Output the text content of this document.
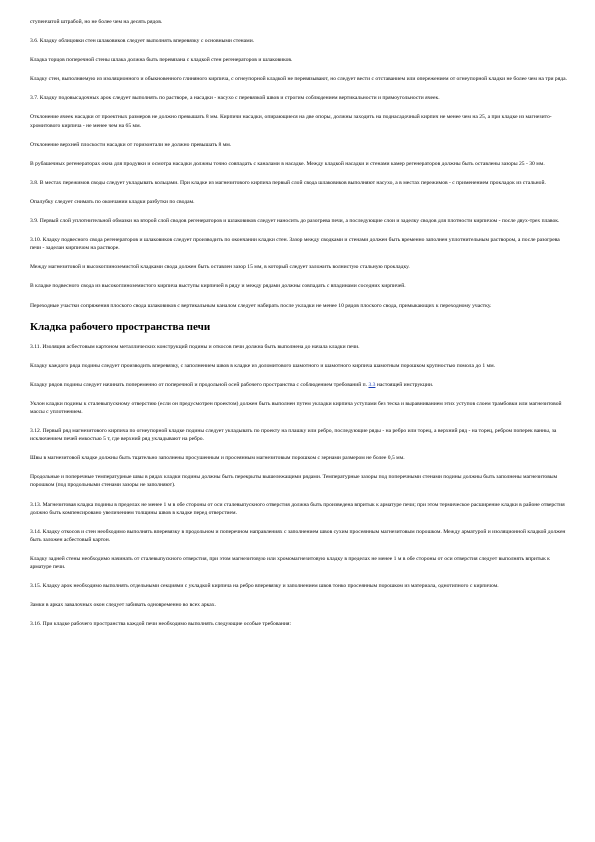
ступенчатой штрабой, но не более чем на десять рядов.

3.6. Кладку облицовки стен шлаковиков следует выполнять вперевязку с основными стенами.

Кладка торцов поперечной стены шлака должна быть перевязана с кладкой стен регенераторов и шлаковиков.

Кладку стен, выполняемую из изоляционного и обыкновенного глиняного кирпича, с огнеупорной кладкой не перевязывают, но следует вести с отставанием или опережением от огнеупорной кладки не более чем на три ряда.

3.7. Кладку подовысадочных арок следует выполнять по растворе, а насадки - насухо с перевязкой швов и строгим соблюдением вертикальности и прямоугольности ячеек.

Отклонение ячеек насадки от проектных размеров не должно превышать 8 мм. Кирпичи насадки, опирающиеся на две опоры, должны заходить на поднасадочный кирпич не менее чем на 25, а при кладке из магнезито-хромитового кирпича - не менее чем на 65 мм.

Отклонение верхней плоскости насадки от горизонтали не должно превышать 8 мм.

В рубашечных регенераторах окна для продувки и осмотра насадки должны точно совпадать с каналами в насадке. Между кладкой насадки и стенами камер регенераторов должны быть оставлены зазоры 25 - 30 мм.

3.8. В местах пережимов своды следует укладывать кольцами. При кладке из магнезитового кирпича первый слой свода шлаковиков выполняют насухо, а в местах пережимов - с применением прокладок из стальной.

Опалубку следует снимать по окончании кладки разбутки по сводам.

3.9. Первый слой уплотнительной обмазки на второй слой сводов регенераторов и шлаковиков следует наносить до разогрева печи, а последующие слои и заделку сводов для плотности кирпичом - после двух-трех плавок.

3.10. Кладку подвесного свода регенераторов и шлаковиков следует производить по окончании кладки стен. Зазор между сводками и стенами должен быть временно заполнен уплотнительным раствором, а после разогрева печи - заделан кирпичом на растворе.

Между магнезитовой и высокоглиноземистой кладками свода должен быть оставлен зазор 15 мм, в который следует заложить волнистую стальную прокладку.

В кладке подвесного свода из высокоглиноземистого кирпича выступы кирпичей в ряду и между рядами должны совпадать с впадинами соседних кирпичей.

Переходные участки сопряжения плоского свода шлаковиков с вертикальным каналом следует набирать после укладки не менее 10 рядов плоского свода, примыкающих к переходному участку.

Кладка рабочего пространства печи

3.11. Изоляция асбестовым картоном металлических конструкций подины и откосов печи должна быть выполнена до начала кладки печи.

Кладку каждого ряда подины следует производить вперевязку, с заполнением швов в кладке из доломитового шамотного и шамотного кирпича шамотным порошком крупностью помола до 1 мм.

Кладку рядов подины следует начинать попеременно от поперечной и продольной осей рабочего пространства с соблюдением требований п. 3.3 настоящей инструкции.

Уклон кладки подины к сталевыпускному отверстию (если он предусмотрен проектом) должен быть выполнен путем укладки кирпича уступами без теска и выравниванием этих уступов слоем трамбовки или магнезитовой массы с уплотнением.

3.12. Первый ряд магнезитового кирпича по огнеупорной кладке подины следует укладывать по проекту на плашку или ребро, последующие ряды - на ребро или торец, а верхний ряд - на торец, ребром поперек ванны, за исключением печей емкостью 5 т, где верхний ряд укладывают на ребро.

Швы в магнезитовой кладке должны быть тщательно заполнены просушенным и просеянным магнезитовым порошком с зернами размером не более 0,5 мм.

Продольные и поперечные температурные швы в рядах кладки подины должны быть перекрыты вышележащими рядами. Температурные зазоры под поперечными стенами подины должны быть заполнены магнезитовым порошком (под продольными стенами зазоры не заполняют).

3.13. Магнезитовая кладка подины в пределах не менее 1 м в обе стороны от оси сталевыпускного отверстия должна быть произведена впритык к арматуре печи; при этом термическое расширение кладки в районе отверстия должно быть компенсировано увеличением толщины швов в кладке перед отверстием.

3.14. Кладку откосов и стен необходимо выполнять вперевязку в продольном и поперечном направлениях с заполнением швов сухим просеянным магнезитовым порошком. Между арматурой и изоляционной кладкой должен быть заложен асбестовый картон.

Кладку задней стены необходимо начинать от сталевыпускного отверстия, при этом магнезитовую или хромомагнезитовую кладку в пределах не менее 1 м в обе стороны от оси отверстия следует выполнять впритык к арматуре печи.

3.15. Кладку арок необходимо выполнять отдельными секциями с укладкой кирпича на ребро вперевязку и заполнением швов тонко просеянным порошком из материала, однотипного с кирпичом.

Замки в арках завалочных окон следует забивать одновременно во всех арках.

3.16. При кладке рабочего пространства каждой печи необходимо выполнять следующие особые требования:
